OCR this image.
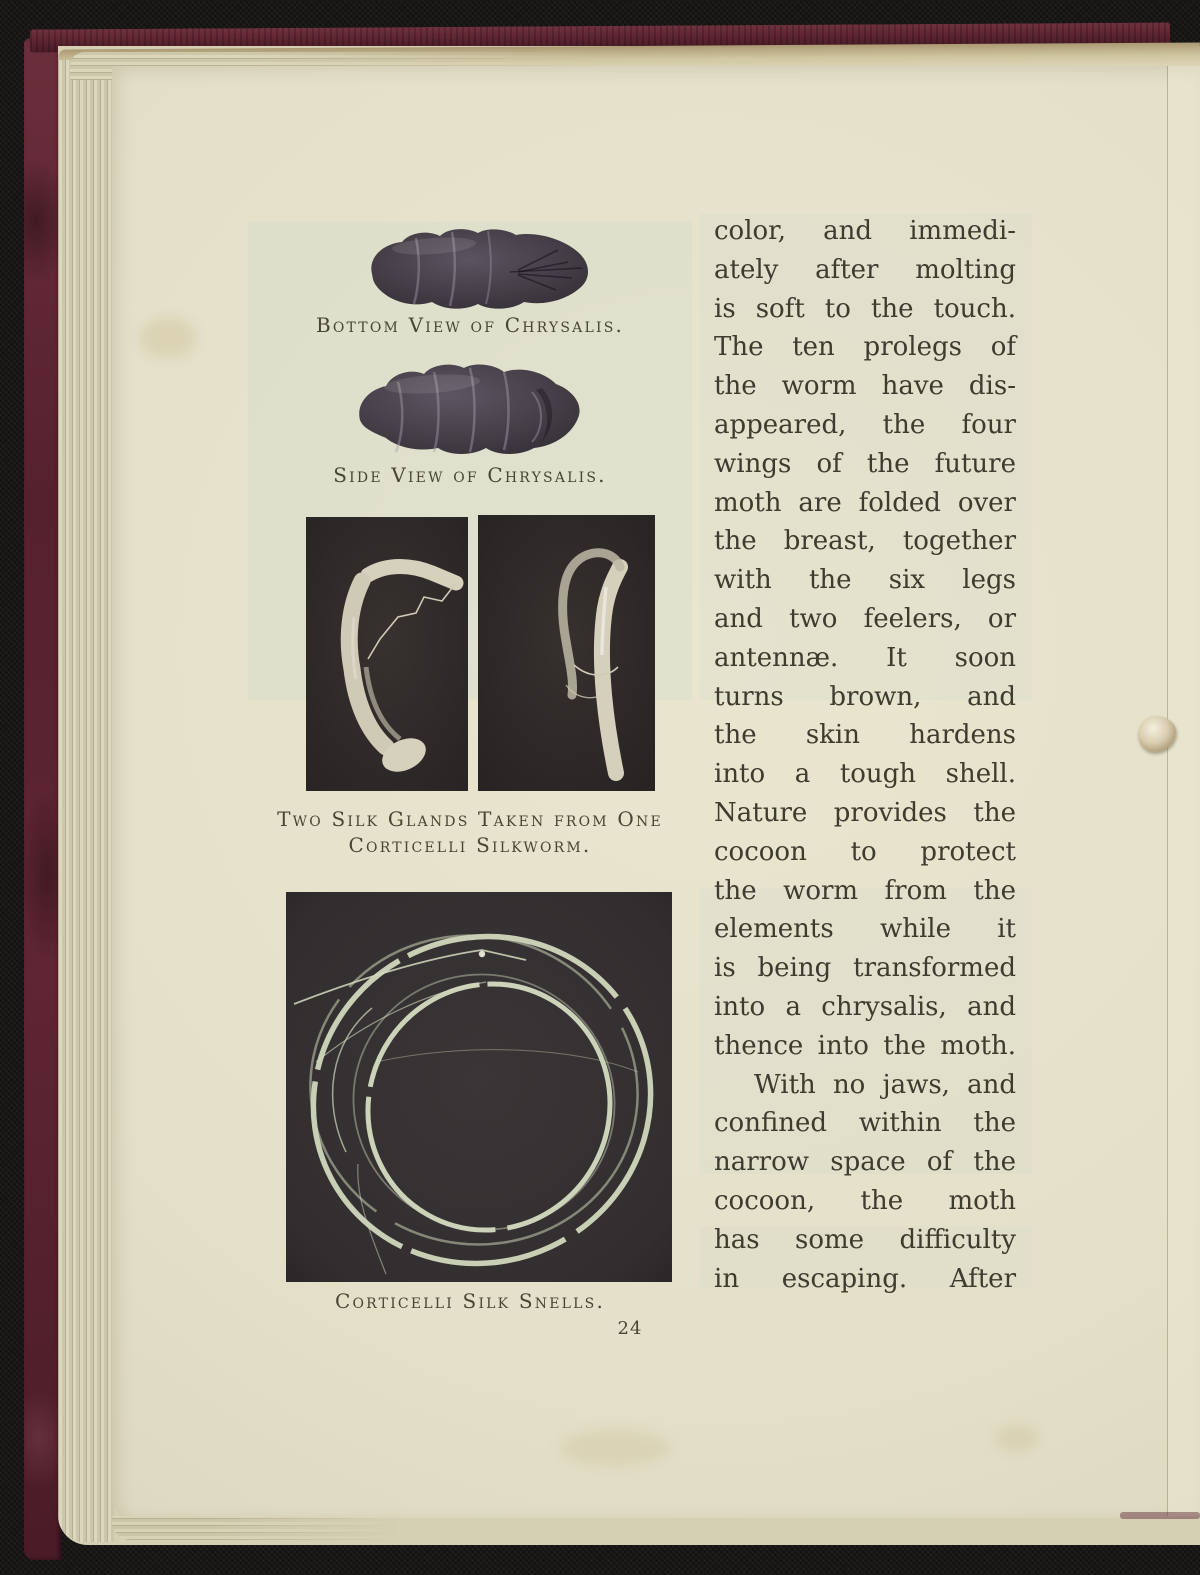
Bottom View of Chrysalis.
Side View of Chrysalis.
Two Silk Glands Taken from One
Corticelli Silkworm.
Corticelli Silk Snells.
color, and immedi-
ately after molting
is soft to the touch.
The ten prolegs of
the worm have dis-
appeared, the four
wings of the future
moth are folded over
the breast, together
with the six legs
and two feelers, or
antennæ. It soon
turns brown, and
the skin hardens
into a tough shell.
Nature provides the
cocoon to protect
the worm from the
elements while it
is being transformed
into a chrysalis, and
thence into the moth.
With no jaws, and
confined within the
narrow space of the
cocoon, the moth
has some difficulty
in escaping. After
24
